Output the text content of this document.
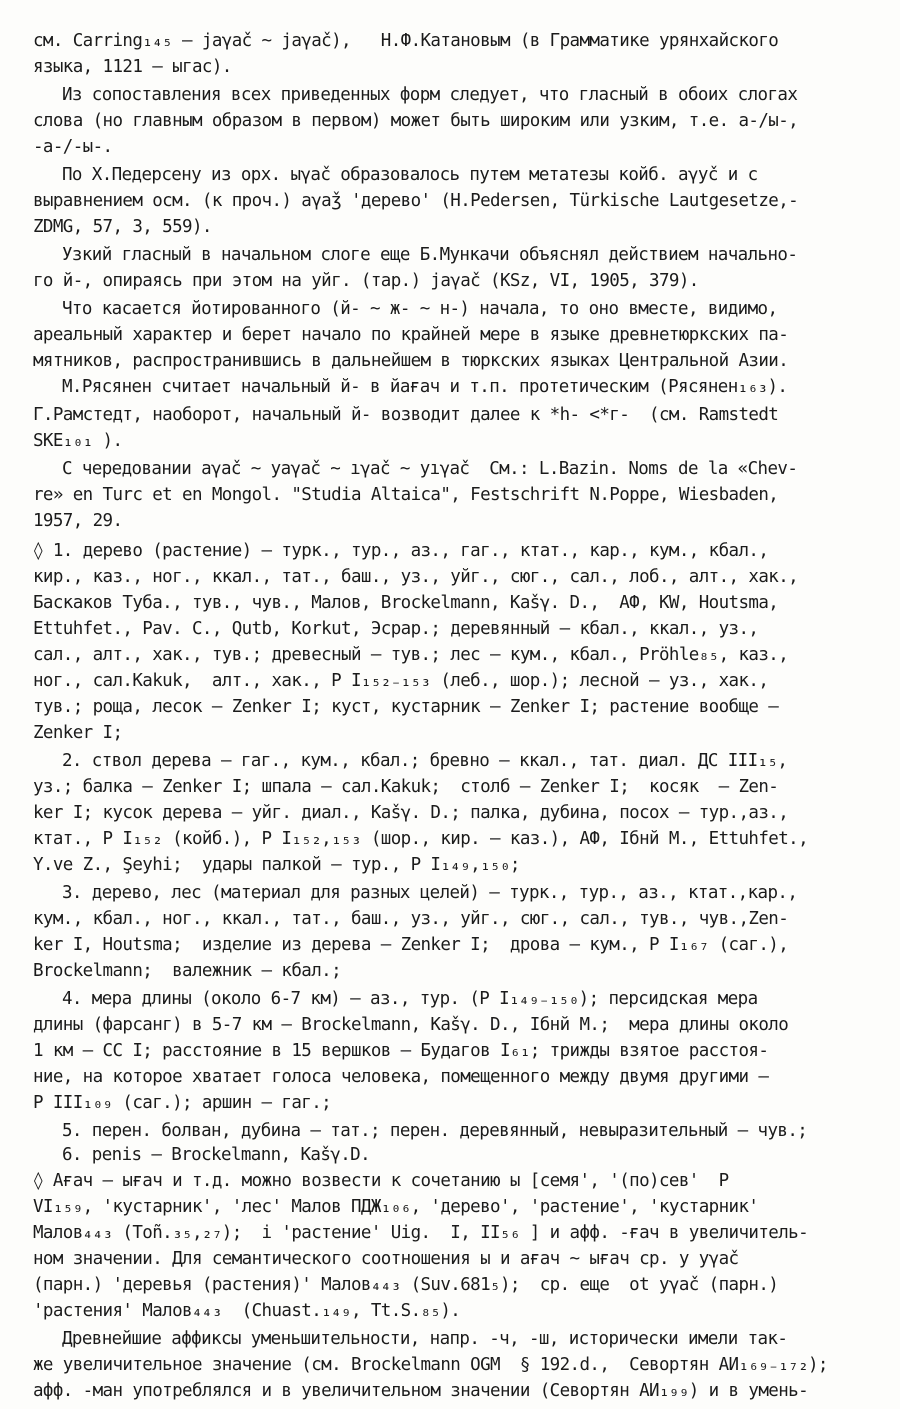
см. Carring₁₄₅ – jaγač ~ jaγač),   Н.Ф.Катановым (в Грамматике урянхайского
языка, 1121 – ыгаc).
Из сопоставления всех приведенных форм следует, что гласный в обоих слогах
слова (но главным образом в первом) может быть широким или узким, т.е. а-/ы-,
-а-/-ы-.
По Х.Педерсену из орх. ыγаč образовалось путем метатезы койб. аγуč и с
выравнением осм. (к проч.) аγаǯ 'дерево' (H.Pedersen, Türkische Lautgesetze,-
ZDMG, 57, 3, 559).
Узкий гласный в начальном слоге еще Б.Мункачи объяснял действием начально-
го й-, опираясь при этом на уйг. (тар.) jaγač (KSz, VI, 1905, 379).
Что касается йотированного (й- ~ ж- ~ н-) начала, то оно вместе, видимо,
ареальный характер и берет начало по крайней мере в языке древнетюркских па-
мятников, распространившись в дальнейшем в тюркских языках Центральной Азии.
М.Рясянен считает начальный й- в йағач и т.п. протетическим (Рясянен₁₆₃).
Г.Рамстедт, наоборот, начальный й- возводит далее к *h- <*г-  (см. Ramstedt
SKE₁₀₁ ).
С чередовании аγаč ~ уаγаč ~ ıγаč ~ уıγаč  См.: L.Bazin. Noms de la «Chev-
re» en Turc et en Mongol. "Studia Altaica", Festschrift N.Poppe, Wiesbaden,
1957, 29.
◊ 1. дерево (растение) – турк., тур., аз., гаг., ктат., кар., кум., кбал.,
кир., каз., ног., ккал., тат., баш., уз., уйг., сюг., сал., лоб., алт., хак.,
Баскаков Туба., тув., чув., Малов, Brockelmann, Kašγ. D.,  АФ, KW, Houtsma,
Ettuhfet., Pav. C., Qutb, Korkut, Эсрар.; деревянный – кбал., ккал., уз.,
сал., алт., хак., тув.; древесный – тув.; лес – кум., кбал., Pröhle₈₅, каз.,
ног., сал.Kakuk,  алт., хак., Р I₁₅₂₋₁₅₃ (леб., шор.); лесной – уз., хак.,
тув.; роща, лесок – Zenker I; куст, кустарник – Zenker I; растение вообще –
Zenker I;
2. ствол дерева – гаг., кум., кбал.; бревно – ккал., тат. диал. ДС III₁₅,
уз.; балка – Zenker I; шпала – сал.Kakuk;  столб – Zenker I;  косяк  – Zen-
ker I; кусок дерева – уйг. диал., Kašγ. D.; палка, дубина, посох – тур.,аз.,
ктат., Р I₁₅₂ (койб.), Р I₁₅₂,₁₅₃ (шор., кир. – каз.), АФ, Ібнй М., Ettuhfet.,
Y.ve Z., Şeyhi;  удары палкой – тур., Р I₁₄₉,₁₅₀;
3. дерево, лес (материал для разных целей) – турк., тур., аз., ктат.,кар.,
кум., кбал., ног., ккал., тат., баш., уз., уйг., сюг., сал., тув., чув.,Zen-
ker I, Houtsma;  изделие из дерева – Zenker I;  дрова – кум., Р I₁₆₇ (саг.),
Brockelmann;  валежник – кбал.;
4. мера длины (около 6-7 км) – аз., тур. (Р I₁₄₉₋₁₅₀); персидская мера
длины (фарсанг) в 5-7 км – Brockelmann, Kašγ. D., Ібнй М.;  мера длины около
1 км – СС I; расстояние в 15 вершков – Будагов I₆₁; трижды взятое расстоя-
ние, на которое хватает голоса человека, помещенного между двумя другими –
Р III₁₀₉ (саг.); аршин – гаг.;
5. перен. болван, дубина – тат.; перен. деревянный, невыразительный – чув.;
6. penis – Brockelmann, Kašγ.D.
◊ Ағач – ығач и т.д. можно возвести к сочетанию ы [семя', '(по)сев'  Р
VI₁₅₉, 'кустарник', 'лес' Малов ПДЖ₁₀₆, 'дерево', 'растение', 'кустарник'
Малов₄₄₃ (Toñ.₃₅,₂₇);  i 'растение' Uig.  I, II₅₆ ] и афф. -ғач в увеличитель-
ном значении. Для семантического соотношения ы и ағач ~ ығач ср. у уγаč
(парн.) 'деревья (растения)' Малов₄₄₃ (Suv.681₅);  ср. еще  оt уγаč (парн.)
'растения' Малов₄₄₃  (Chuast.₁₄₉, Tt.S.₈₅).
Древнейшие аффиксы уменьшительности, напр. -ч, -ш, исторически имели так-
же увеличительное значение (см. Brockelmann OGM  § 192.d.,  Севортян АИ₁₆₉₋₁₇₂);
афф. -ман употреблялся и в увеличительном значении (Севортян АИ₁₉₉) и в умень-
